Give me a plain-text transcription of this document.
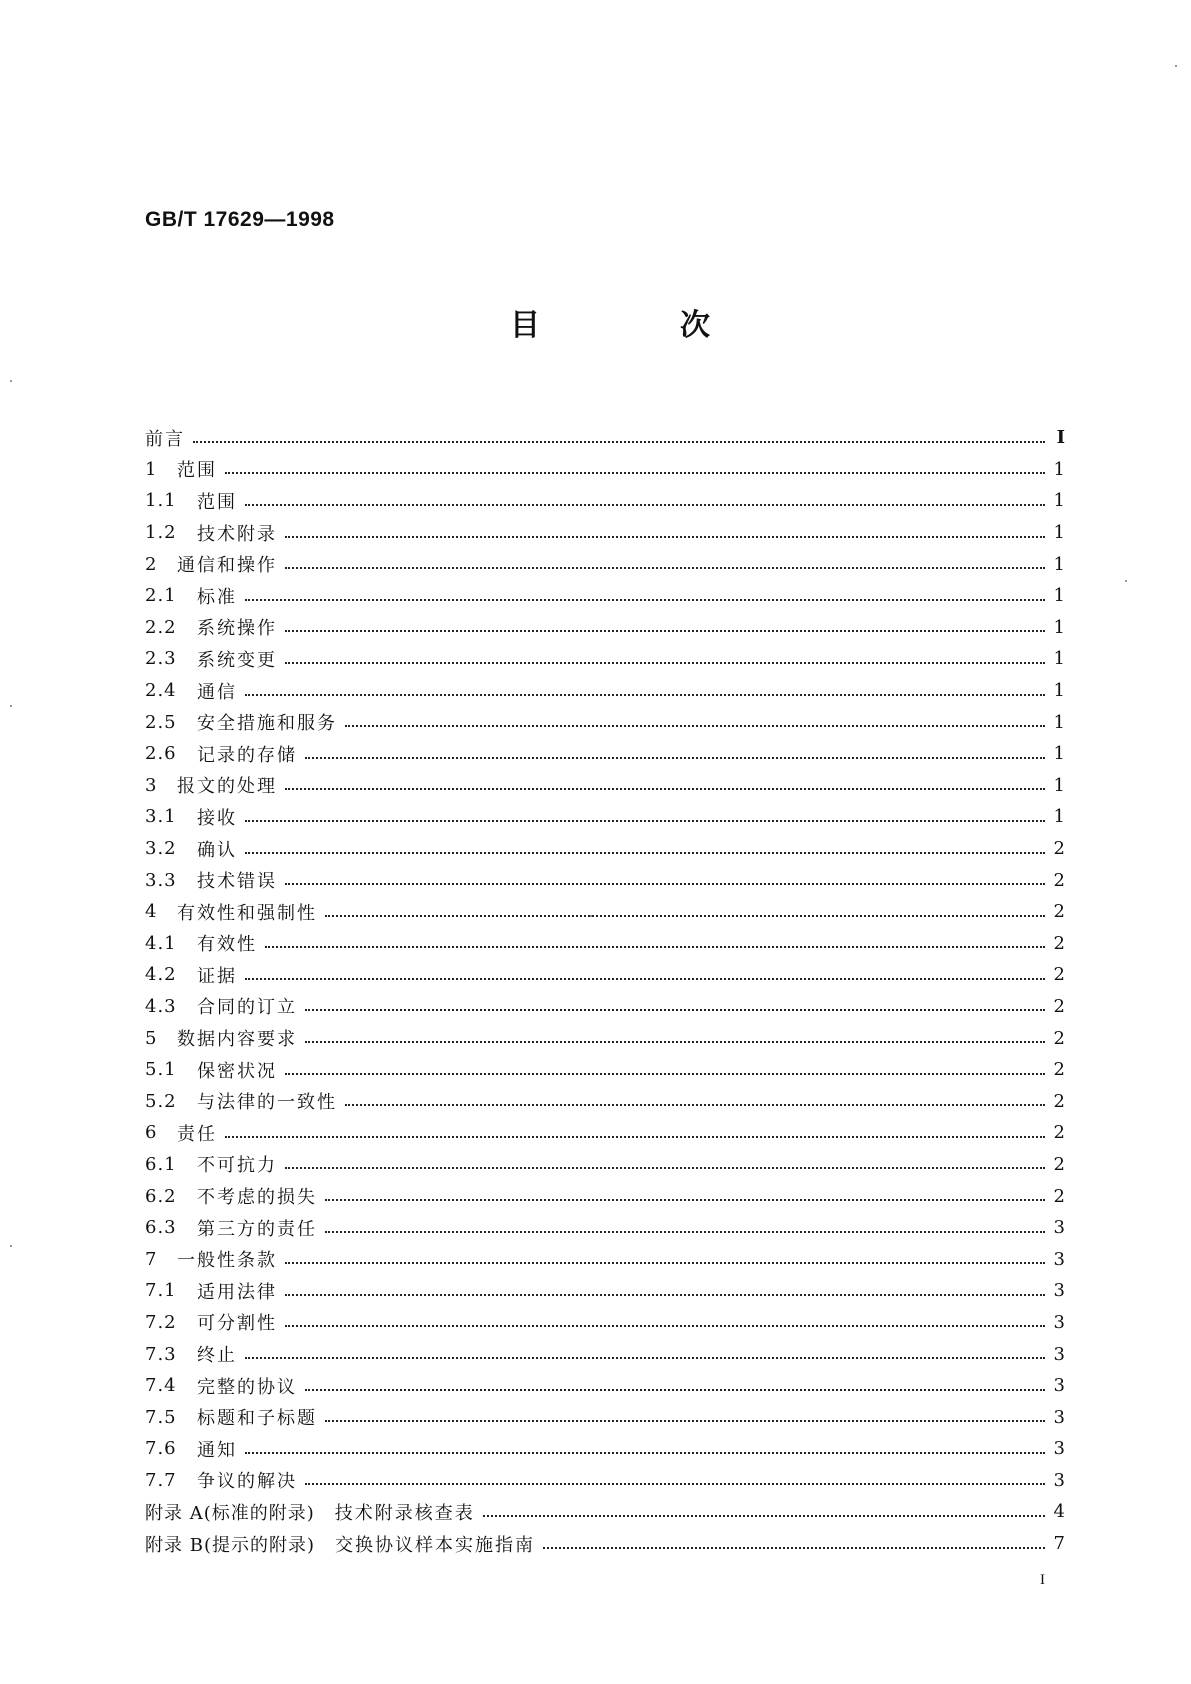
GB/T 17629—1998
目	次
前言	Ⅰ
1	范围	1
1.1	范围	1
1.2	技术附录	1
2	通信和操作	1
2.1	标准	1
2.2	系统操作	1
2.3	系统变更	1
2.4	通信	1
2.5	安全措施和服务	1
2.6	记录的存储	1
3	报文的处理	1
3.1	接收	1
3.2	确认	2
3.3	技术错误	2
4	有效性和强制性	2
4.1	有效性	2
4.2	证据	2
4.3	合同的订立	2
5	数据内容要求	2
5.1	保密状况	2
5.2	与法律的一致性	2
6	责任	2
6.1	不可抗力	2
6.2	不考虑的损失	2
6.3	第三方的责任	3
7	一般性条款	3
7.1	适用法律	3
7.2	可分割性	3
7.3	终止	3
7.4	完整的协议	3
7.5	标题和子标题	3
7.6	通知	3
7.7	争议的解决	3
附录 A(标准的附录) 技术附录核查表	4
附录 B(提示的附录) 交换协议样本实施指南	7
I
